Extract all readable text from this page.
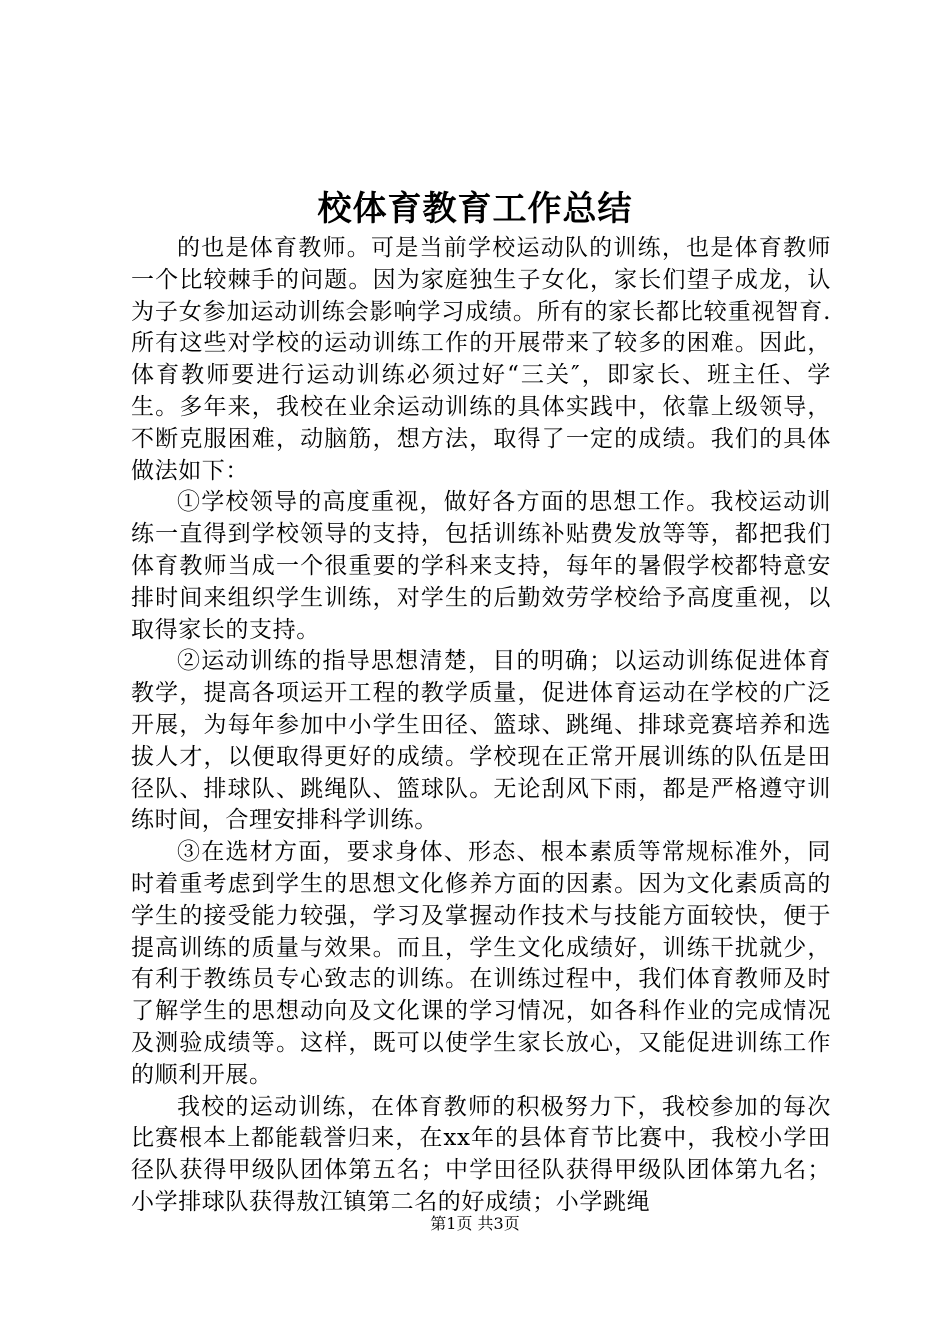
校体育教育工作总结

的也是体育教师。可是当前学校运动队的训练，也是体育教师一个比较棘手的问题。因为家庭独生子女化，家长们望子成龙，认为子女参加运动训练会影响学习成绩。所有的家长都比较重视智育.所有这些对学校的运动训练工作的开展带来了较多的困难。因此，体育教师要进行运动训练必须过好“三关″，即家长、班主任、学生。多年来，我校在业余运动训练的具体实践中，依靠上级领导，不断克服困难，动脑筋，想方法，取得了一定的成绩。我们的具体做法如下：

①学校领导的高度重视，做好各方面的思想工作。我校运动训练一直得到学校领导的支持，包括训练补贴费发放等等，都把我们体育教师当成一个很重要的学科来支持，每年的暑假学校都特意安排时间来组织学生训练，对学生的后勤效劳学校给予高度重视，以取得家长的支持。

②运动训练的指导思想清楚，目的明确；以运动训练促进体育教学，提高各项运开工程的教学质量，促进体育运动在学校的广泛开展，为每年参加中小学生田径、篮球、跳绳、排球竞赛培养和选拔人才，以便取得更好的成绩。学校现在正常开展训练的队伍是田径队、排球队、跳绳队、篮球队。无论刮风下雨，都是严格遵守训练时间，合理安排科学训练。

③在选材方面，要求身体、形态、根本素质等常规标准外，同时着重考虑到学生的思想文化修养方面的因素。因为文化素质高的学生的接受能力较强，学习及掌握动作技术与技能方面较快，便于提高训练的质量与效果。而且，学生文化成绩好，训练干扰就少，有利于教练员专心致志的训练。在训练过程中，我们体育教师及时了解学生的思想动向及文化课的学习情况，如各科作业的完成情况及测验成绩等。这样，既可以使学生家长放心，又能促进训练工作的顺利开展。

我校的运动训练，在体育教师的积极努力下，我校参加的每次比赛根本上都能载誉归来，在xx年的县体育节比赛中，我校小学田径队获得甲级队团体第五名；中学田径队获得甲级队团体第九名；小学排球队获得敖江镇第二名的好成绩；小学跳绳

第1页 共3页
